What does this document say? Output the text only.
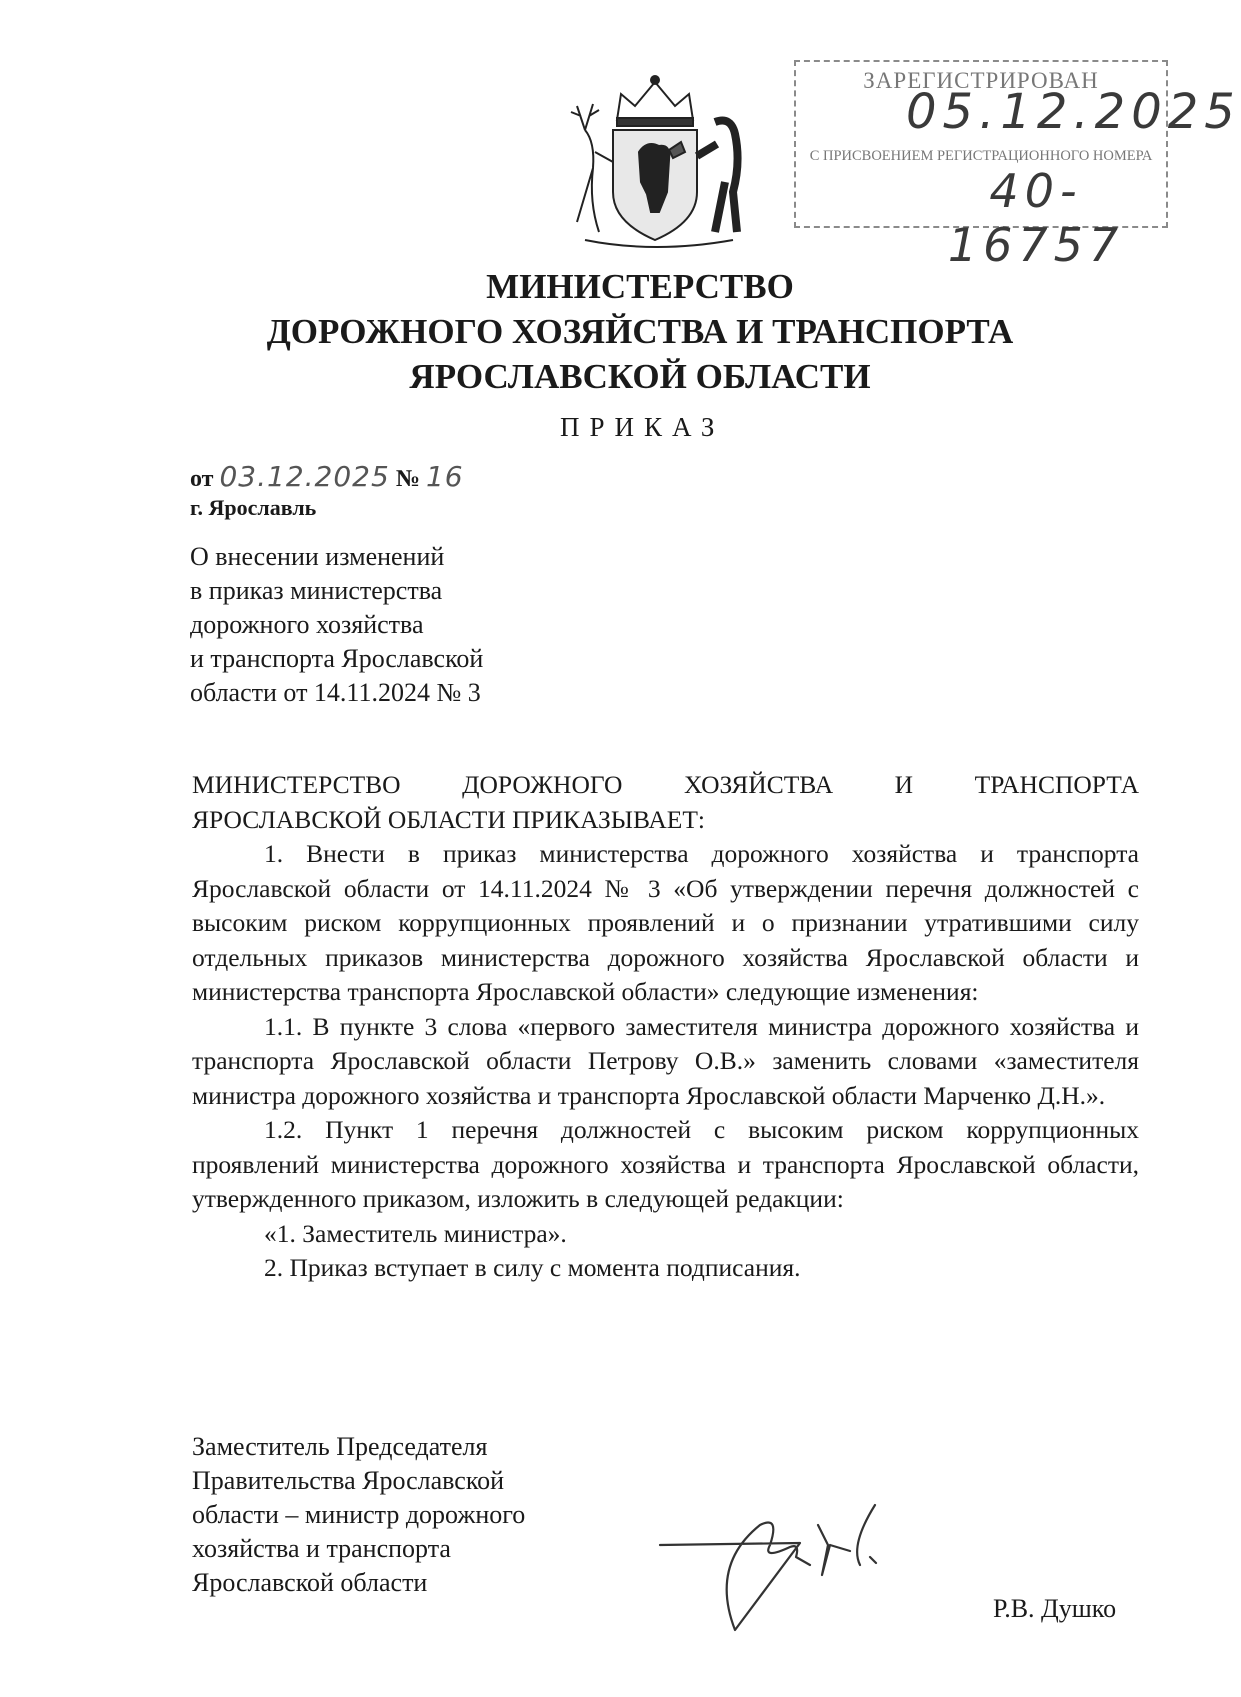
ЗАРЕГИСТРИРОВАН
05.12.2025
С ПРИСВОЕНИЕМ РЕГИСТРАЦИОННОГО НОМЕРА
40-16757
МИНИСТЕРСТВО
ДОРОЖНОГО ХОЗЯЙСТВА И ТРАНСПОРТА
ЯРОСЛАВСКОЙ ОБЛАСТИ
ПРИКАЗ
от 03.12.2025 № 16
г. Ярославль
О внесении изменений
в приказ министерства
дорожного хозяйства
и транспорта Ярославской
области от 14.11.2024 № 3

МИНИСТЕРСТВО ДОРОЖНОГО ХОЗЯЙСТВА И ТРАНСПОРТА

ЯРОСЛАВСКОЙ ОБЛАСТИ ПРИКАЗЫВАЕТ:

1. Внести в приказ министерства дорожного хозяйства и транспорта Ярославской области от 14.11.2024 № 3 «Об утверждении перечня должностей с высоким риском коррупционных проявлений и о признании утратившими силу отдельных приказов министерства дорожного хозяйства Ярославской области и министерства транспорта Ярославской области» следующие изменения:

1.1. В пункте 3 слова «первого заместителя министра дорожного хозяйства и транспорта Ярославской области Петрову О.В.» заменить словами «заместителя министра дорожного хозяйства и транспорта Ярославской области Марченко Д.Н.».

1.2. Пункт 1 перечня должностей с высоким риском коррупционных проявлений министерства дорожного хозяйства и транспорта Ярославской области, утвержденного приказом, изложить в следующей редакции:

«1. Заместитель министра».

2. Приказ вступает в силу с момента подписания.

Заместитель Председателя
Правительства Ярославской
области – министр дорожного
хозяйства и транспорта
Ярославской области
Р.В. Душко
